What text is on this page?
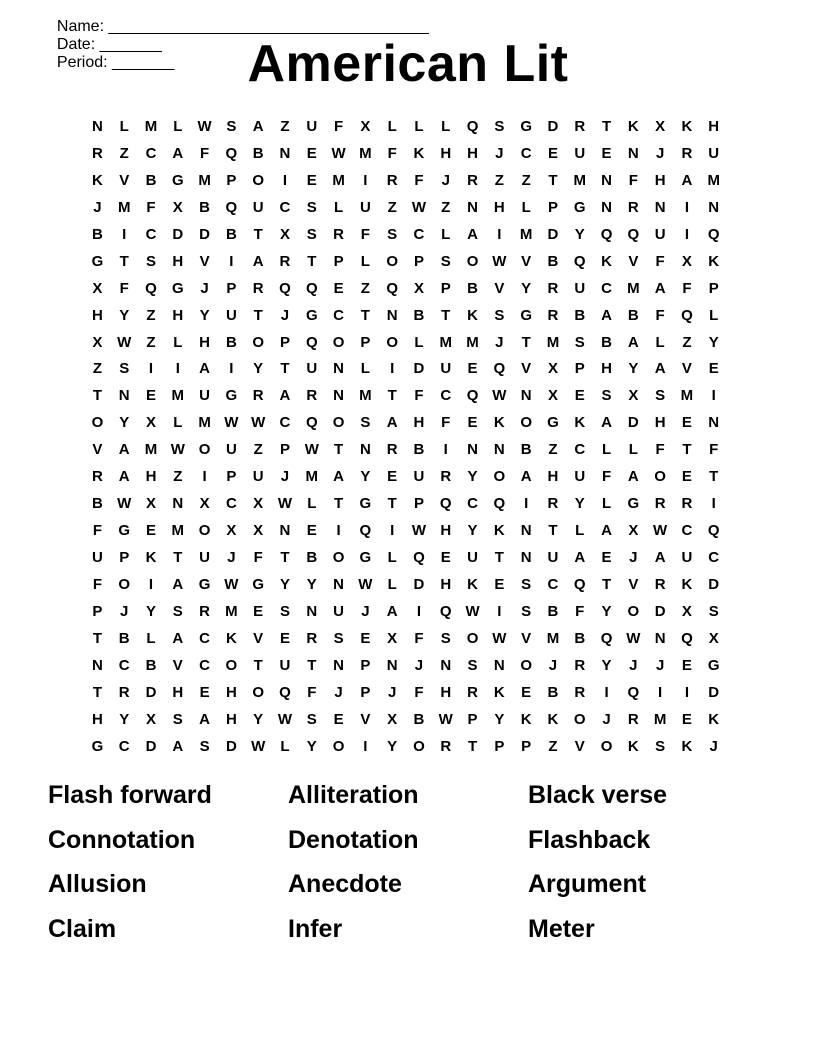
Name: ____________________________________
Date: _______
Period: _______	American Lit
N	L	M	L	W S	A	Z	U	F	X	L	L	L	Q	S	G	D	R	T	K	X	K	H
R	Z	C	A	F	Q	B	N	E W M	F	K	H	H	J	C	E	U	E	N	J	R	U
K	V	B	G M	P	O	I	E	M	I	R	F	J	R	Z	Z	T	M	N	F	H	A	M
J	M	F	X	B	Q	U	C	S	L	U	Z	W	Z	N	H	L	P	G	N	R	N	I	N
B	I	C	D	D	B	T	X	S	R	F	S	C	L	A	I	M	D	Y	Q	Q	U	I	Q
G	T	S	H	V	I	A	R	T	P	L	O	P	S	O W V	B	Q	K	V	F	X	K
X	F	Q	G	J	P	R	Q	Q	E	Z	Q	X	P	B	V	Y	R	U	C	M	A	F	P
H	Y	Z	H	Y	U	T	J	G	C	T	N	B	T	K	S	G	R	B	A	B	F	Q	L
X W	Z	L	H	B	O	P	Q	O	P	O	L	M M	J	T	M	S	B	A	L	Z	Y
Z	S	I	I	A	I	Y	T	U	N	L	I	D	U	E	Q	V	X	P	H	Y	A	V	E
T	N	E	M	U	G	R	A	R	N	M	T	F	C	Q W N	X	E	S	X	S	M	I
O	Y	X	L	M W W C	Q	O	S	A	H	F	E	K	O	G	K	A	D	H	E	N
V	A	M W O	U	Z	P W	T	N	R	B	I	N	N	B	Z	C	L	L	F	T	F
R	A	H	Z	I	P	U	J	M	A	Y	E	U	R	Y	O	A	H	U	F	A	O	E	T
B W X	N	X	C	X W	L	T	G	T	P	Q	C	Q	I	R	Y	L	G	R	R	I
F	G	E	M O	X	X	N	E	I	Q	I	W H	Y	K	N	T	L	A	X W C	Q
U	P	K	T	U	J	F	T	B	O	G	L	Q	E	U	T	N	U	A	E	J	A	U	C
F	O	I	A	G W G	Y	Y	N W	L	D	H	K	E	S	C	Q	T	V	R	K	D
P	J	Y	S	R	M	E	S	N	U	J	A	I	Q W	I	S	B	F	Y	O	D	X	S
T	B	L	A	C	K	V	E	R	S	E	X	F	S	O W V	M	B	Q W N	Q	X
N	C	B	V	C	O	T	U	T	N	P	N	J	N	S	N	O	J	R	Y	J	J	E	G
T	R	D	H	E	H	O	Q	F	J	P	J	F	H	R	K	E	B	R	I	Q	I	I	D
H	Y	X	S	A	H	Y W S	E	V	X	B W P	Y	K	K	O	J	R	M	E	K
G	C	D	A	S	D W	L	Y	O	I	Y	O	R	T	P	P	Z	V	O	K	S	K	J
Flash forward	Alliteration	Black verse
Connotation	Denotation	Flashback
Allusion	Anecdote	Argument
Claim	Infer	Meter
